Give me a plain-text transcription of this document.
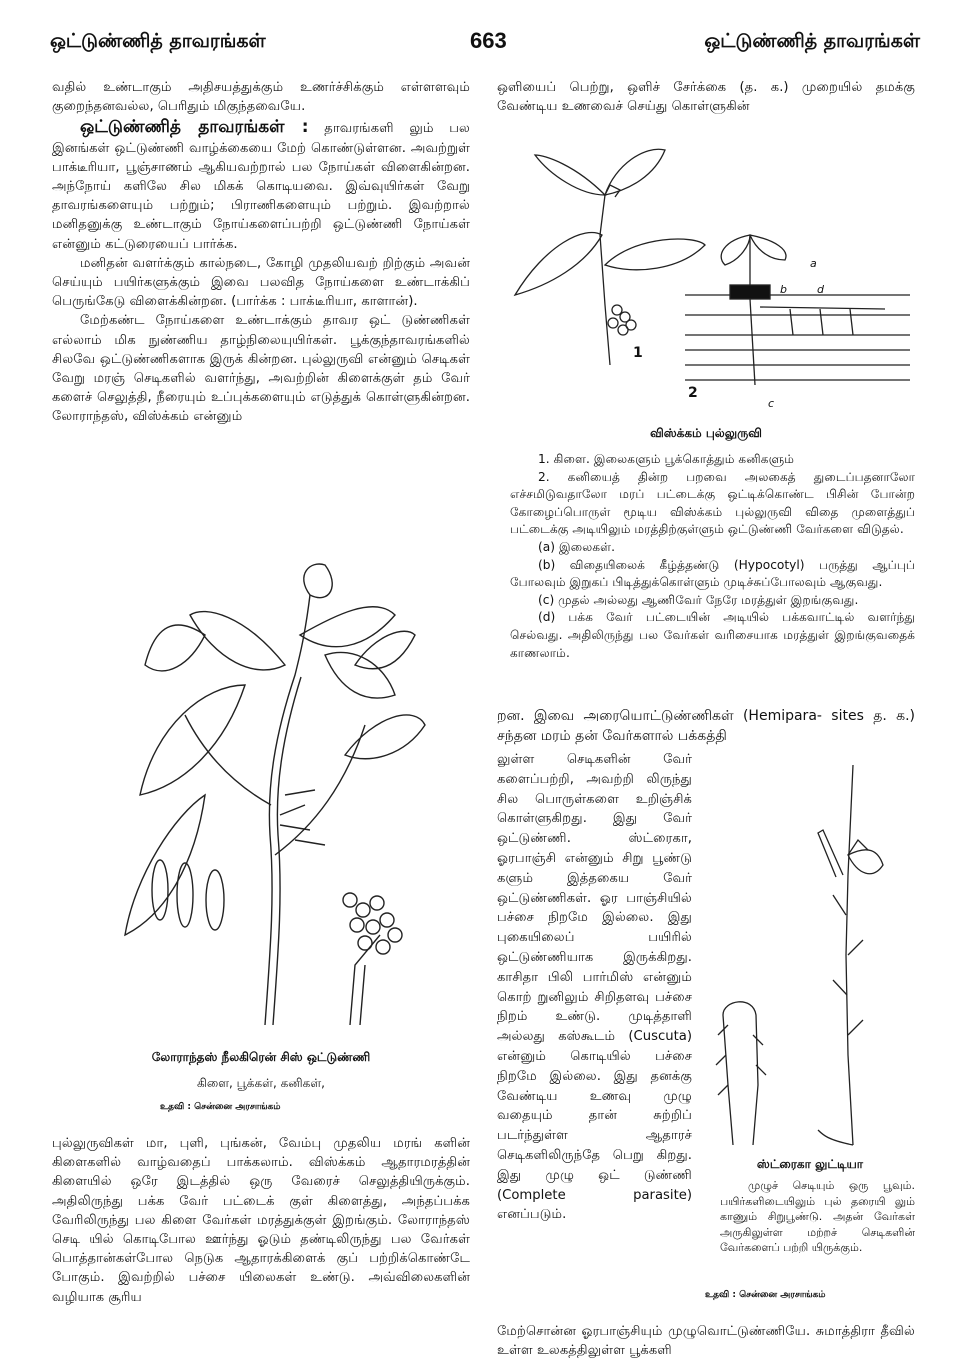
ஒட்டுண்ணித் தாவரங்கள்	663	ஒட்டுண்ணித் தாவரங்கள்

வதில் உண்டாகும் அதிசயத்துக்கும் உணர்ச்சிக்கும் எள்ளளவும் குறைந்தனவல்ல, பெரிதும் மிகுந்தவையே.

ஒட்டுண்ணித் தாவரங்கள் : தாவரங்களி லும் பல இனங்கள் ஒட்டுண்ணி வாழ்க்கையை மேற் கொண்டுள்ளன. அவற்றுள் பாக்டீரியா, பூஞ்சாணம் ஆகியவற்றால் பல நோய்கள் விளைகின்றன. அந்நோய் களிலே சில மிகக் கொடியவை. இவ்வுயிர்கள் வேறு தாவரங்களையும் பற்றும்; பிராணிகளையும் பற்றும். இவற்றால் மனிதனுக்கு உண்டாகும் நோய்களைப்பற்றி ஒட்டுண்ணி நோய்கள் என்னும் கட்டுரையைப் பார்க்க.

மனிதன் வளர்க்கும் கால்நடை, கோழி முதலியவற் றிற்கும் அவன் செய்யும் பயிர்களுக்கும் இவை பலவித நோய்களை உண்டாக்கிப் பெருங்கேடு விளைக்கின்றன. (பார்க்க : பாக்டீரியா, காளான்).

மேற்கண்ட நோய்களை உண்டாக்கும் தாவர ஒட் டுண்ணிகள் எல்லாம் மிக நுண்ணிய தாழ்நிலையுயிர்கள். பூக்குந்தாவரங்களில் சிலவே ஒட்டுண்ணிகளாக இருக் கின்றன. புல்லுருவி என்னும் செடிகள் வேறு மரஞ் செடிகளில் வளர்ந்து, அவற்றின் கிளைக்குள் தம் வேர் களைச் செலுத்தி, நீரையும் உப்புக்களையும் எடுத்துக் கொள்ளுகின்றன. லோராந்தஸ், விஸ்க்கம் என்னும்

லோராந்தஸ் நீலகிரென் சிஸ் ஒட்டுண்ணி
கிளை, பூக்கள், கனிகள்,
உதவி : சென்னை அரசாங்கம்

புல்லுருவிகள் மா, புளி, புங்கன், வேம்பு முதலிய மரங் களின் கிளைகளில் வாழ்வதைப் பாக்கலாம். விஸ்க்கம் ஆதாரமரத்தின் கிளையில் ஒரே இடத்தில் ஒரு வேரைச் செலுத்தியிருக்கும். அதிலிருந்து பக்க வேர் பட்டைக் குள் கிளைத்து, அந்தப்பக்க வேரிலிருந்து பல கிளை வேர்கள் மரத்துக்குள் இறங்கும். லோராந்தஸ் செடி யில் கொடிபோல ஊர்ந்து ஓடும் தண்டிலிருந்து பல வேர்கள் பொத்தான்கள்போல நெடுக ஆதாரக்கிளைக் குப் பற்றிக்கொண்டே போகும். இவற்றில் பச்சை யிலைகள் உண்டு. அவ்விலைகளின் வழியாக சூரிய

ஒளியைப் பெற்று, ஒளிச் சேர்க்கை (த. க.) முறையில் தமக்கு வேண்டிய உணவைச் செய்து கொள்ளுகின்

1
2
a
b
c
d
விஸ்க்கம் புல்லுருவி

1. கிளை. இலைகளும் பூக்கொத்தும் கனிகளும்

2. கனியைத் தின்ற பறவை அலகைத் துடைப்பதனாலோ எச்சமிடுவதாலோ மரப் பட்டைக்கு ஒட்டிக்கொண்ட பிசின் போன்ற கோழைப்பொருள் மூடிய விஸ்க்கம் புல்லுருவி விதை முளைத்துப் பட்டைக்கு அடியிலும் மரத்திற்குள்ளும் ஒட்டுண்ணி வேர்களை விடுதல்.

(a) இலைகள்.

(b) விதையிலைக் கீழ்த்தண்டு (Hypocotyl) பருத்து ஆப்புப் போலவும் இறுகப் பிடித்துக்கொள்ளும் முடிச்சுப்போலவும் ஆகுவது.

(c) முதல் அல்லது ஆணிவேர் நேரே மரத்துள் இறங்குவது.

(d) பக்க வேர் பட்டையின் அடியில் பக்கவாட்டில் வளர்ந்து செல்வது. அதிலிருந்து பல வேர்கள் வரிசையாக மரத்துள் இறங்குவதைக் காணலாம்.

றன. இவை அரையொட்டுண்ணிகள் (Hemipara- sites த. க.) சந்தன மரம் தன் வேர்களால் பக்கத்தி

லுள்ள செடிகளின் வேர் களைப்பற்றி, அவற்றி லிருந்து சில பொருள்களை உறிஞ்சிக் கொள்ளுகிறது. இது வேர் ஒட்டுண்ணி. ஸ்ட்ரைகா, ஓரபாஞ்சி என்னும் சிறு பூண்டு களும் இத்தகைய வேர் ஒட்டுண்ணிகள். ஓர பாஞ்சியில் பச்சை நிறமே இல்லை. இது புகையிலைப் பயிரில் ஒட்டுண்ணியாக இருக்கிறது. காசிதா பிலி பார்மிஸ் என்னும் கொற் றுனிலும் சிறிதளவு பச்சை நிறம் உண்டு. முடித்தாளி அல்லது கஸ்கூடம் (Cuscuta) என்னும் கொடியில் பச்சை நிறமே இல்லை. இது தனக்கு வேண்டிய உணவு முழு வதையும் தான் சுற்றிப் படர்ந்துள்ள ஆதாரச் செடிகளிலிருந்தே பெறு கிறது. இது முழு ஒட் டுண்ணி (Complete parasite) எனப்படும்.

ஸ்ட்ரைகா லுட்டியா

முழுச் செடியும் ஒரு பூவும். பயிர்களிடையிலும் புல் தரையி லும் காணும் சிறுபூண்டு. அதன் வேர்கள் அருகிலுள்ள மற்றச் செடிகளின் வேர்களைப் பற்றி யிருக்கும்.

உதவி : சென்னை அரசாங்கம்

மேற்சொன்ன ஓரபாஞ்சியும் முழுவொட்டுண்ணியே. சுமாத்திரா தீவில் உள்ள உலகத்திலுள்ள பூக்களி
